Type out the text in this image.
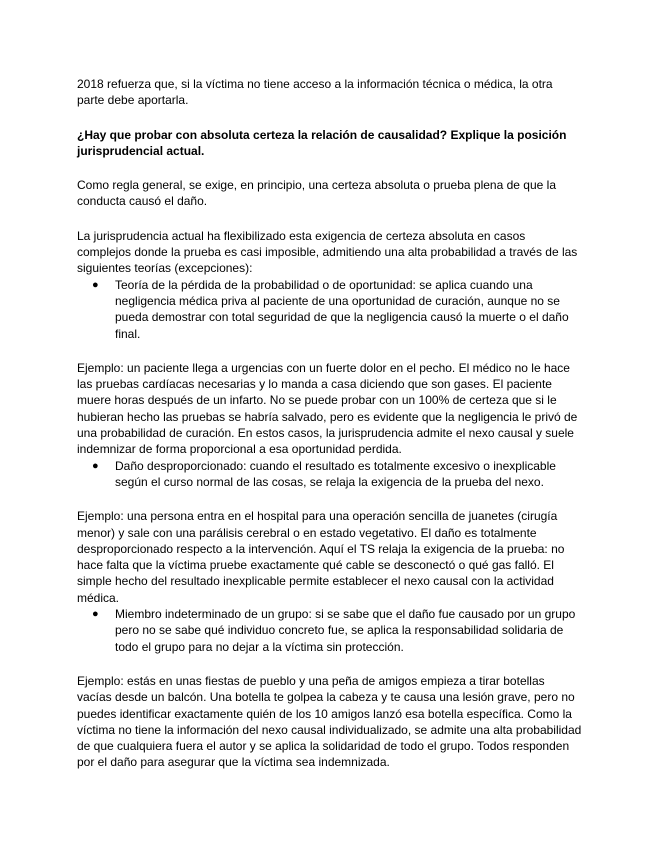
2018 refuerza que, si la víctima no tiene acceso a la información técnica o médica, la otra parte debe aportarla.

¿Hay que probar con absoluta certeza la relación de causalidad? Explique la posición jurisprudencial actual.

Como regla general, se exige, en principio, una certeza absoluta o prueba plena de que la conducta causó el daño.

La jurisprudencia actual ha flexibilizado esta exigencia de certeza absoluta en casos complejos donde la prueba es casi imposible, admitiendo una alta probabilidad a través de las siguientes teorías (excepciones):

● Teoría de la pérdida de la probabilidad o de oportunidad: se aplica cuando una negligencia médica priva al paciente de una oportunidad de curación, aunque no se pueda demostrar con total seguridad de que la negligencia causó la muerte o el daño final.

Ejemplo: un paciente llega a urgencias con un fuerte dolor en el pecho. El médico no le hace las pruebas cardíacas necesarias y lo manda a casa diciendo que son gases. El paciente muere horas después de un infarto. No se puede probar con un 100% de certeza que si le hubieran hecho las pruebas se habría salvado, pero es evidente que la negligencia le privó de una probabilidad de curación. En estos casos, la jurisprudencia admite el nexo causal y suele indemnizar de forma proporcional a esa oportunidad perdida.

● Daño desproporcionado: cuando el resultado es totalmente excesivo o inexplicable según el curso normal de las cosas, se relaja la exigencia de la prueba del nexo.

Ejemplo: una persona entra en el hospital para una operación sencilla de juanetes (cirugía menor) y sale con una parálisis cerebral o en estado vegetativo. El daño es totalmente desproporcionado respecto a la intervención. Aquí el TS relaja la exigencia de la prueba: no hace falta que la víctima pruebe exactamente qué cable se desconectó o qué gas falló. El simple hecho del resultado inexplicable permite establecer el nexo causal con la actividad médica.

● Miembro indeterminado de un grupo: si se sabe que el daño fue causado por un grupo pero no se sabe qué individuo concreto fue, se aplica la responsabilidad solidaria de todo el grupo para no dejar a la víctima sin protección.

Ejemplo: estás en unas fiestas de pueblo y una peña de amigos empieza a tirar botellas vacías desde un balcón. Una botella te golpea la cabeza y te causa una lesión grave, pero no puedes identificar exactamente quién de los 10 amigos lanzó esa botella específica. Como la víctima no tiene la información del nexo causal individualizado, se admite una alta probabilidad de que cualquiera fuera el autor y se aplica la solidaridad de todo el grupo. Todos responden por el daño para asegurar que la víctima sea indemnizada.
